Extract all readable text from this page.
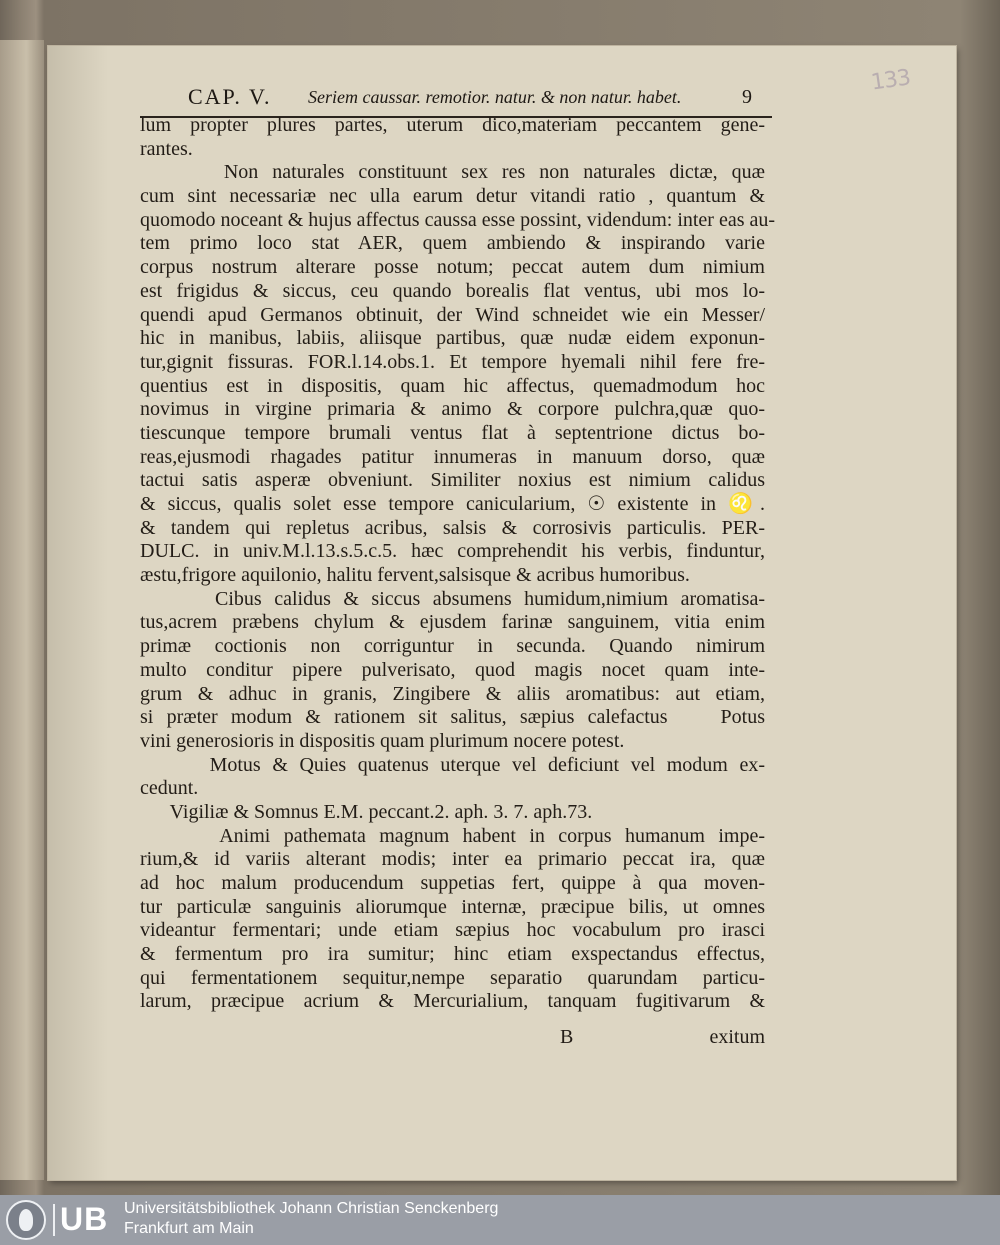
133
CAP. V. Seriem caussar. remotior. natur. & non natur. habet.	9
lum propter plures partes, uterum dico,materiam peccantem gene-
rantes.
Non naturales constituunt sex res non naturales dictæ, quæ
cum sint necessariæ nec ulla earum detur vitandi ratio , quantum &
quomodo noceant & hujus affectus caussa esse possint, videndum: inter eas au-
tem primo loco stat AER, quem ambiendo & inspirando varie
corpus nostrum alterare posse notum; peccat autem dum nimium
est frigidus & siccus, ceu quando borealis flat ventus, ubi mos lo-
quendi apud Germanos obtinuit, der Wind schneidet wie ein Messer/
hic in manibus, labiis, aliisque partibus, quæ nudæ eidem exponun-
tur,gignit fissuras. FOR.l.14.obs.1. Et tempore hyemali nihil fere fre-
quentius est in dispositis, quam hic affectus, quemadmodum hoc
novimus in virgine primaria & animo & corpore pulchra,quæ quo-
tiescunque tempore brumali ventus flat à septentrione dictus bo-
reas,ejusmodi rhagades patitur innumeras in manuum dorso, quæ
tactui satis asperæ obveniunt. Similiter noxius est nimium calidus
& siccus, qualis solet esse tempore canicularium, ☉ existente in ♌.
& tandem qui repletus acribus, salsis & corrosivis particulis. PER-
DULC. in univ.M.l.13.s.5.c.5. hæc comprehendit his verbis, finduntur,
æstu,frigore aquilonio, halitu fervent,salsisque & acribus humoribus.
Cibus calidus & siccus absumens humidum,nimium aromatisa-
tus,acrem præbens chylum & ejusdem farinæ sanguinem, vitia enim
primæ coctionis non corriguntur in secunda. Quando nimirum
multo conditur pipere pulverisato, quod magis nocet quam inte-
grum & adhuc in granis, Zingibere & aliis aromatibus: aut etiam,
si præter modum & rationem sit salitus, sæpius calefactus    Potus
vini generosioris in dispositis quam plurimum nocere potest.
Motus & Quies quatenus uterque vel deficiunt vel modum ex-
cedunt.
Vigiliæ & Somnus E.M. peccant.2. aph. 3. 7. aph.73.
Animi pathemata magnum habent in corpus humanum impe-
rium,& id variis alterant modis; inter ea primario peccat ira, quæ
ad hoc malum producendum suppetias fert, quippe à qua moven-
tur particulæ sanguinis aliorumque internæ, præcipue bilis, ut omnes
videantur fermentari; unde etiam sæpius hoc vocabulum pro irasci
& fermentum pro ira sumitur; hinc etiam exspectandus effectus,
qui fermentationem sequitur,nempe separatio quarundam particu-
larum, præcipue acrium & Mercurialium, tanquam fugitivarum &
B	exitum
UB Universitätsbibliothek Johann Christian Senckenberg
Frankfurt am Main
